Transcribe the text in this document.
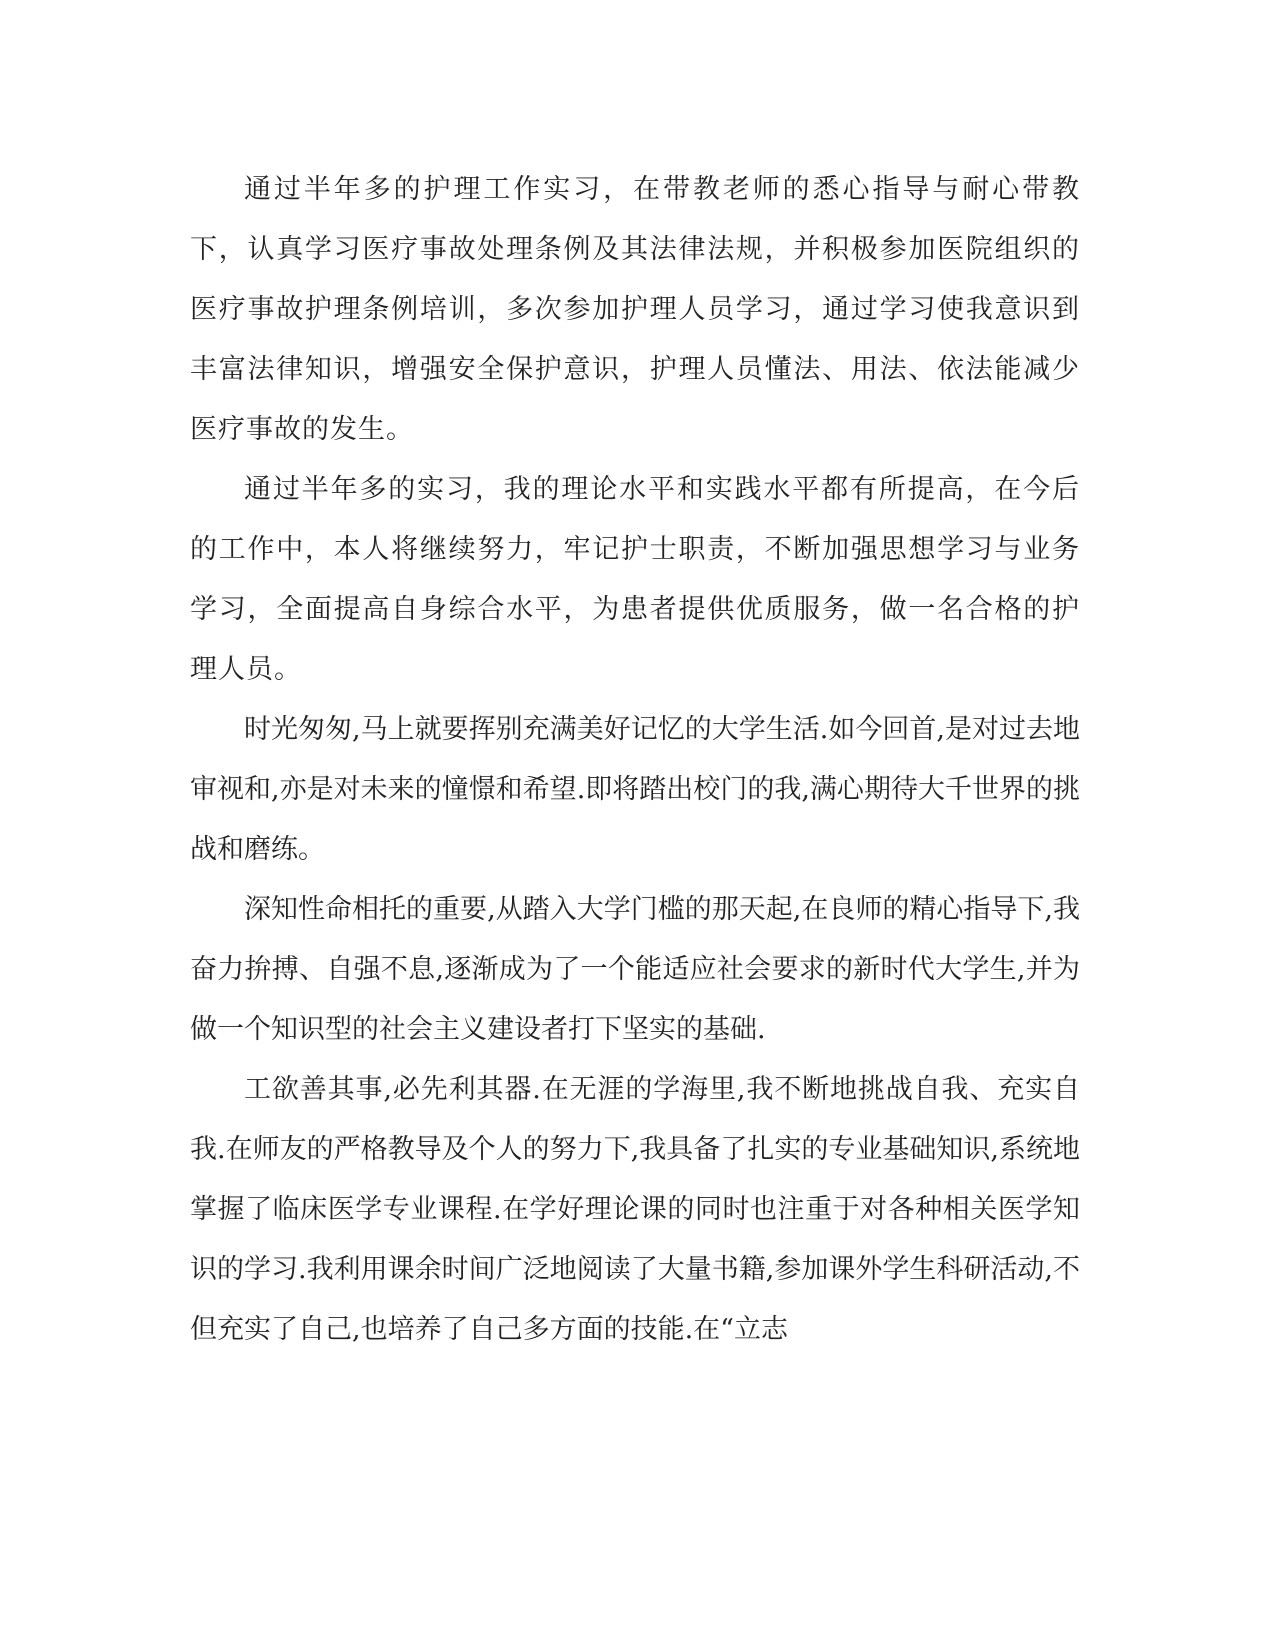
通过半年多的护理工作实习，在带教老师的悉心指导与耐心带教下，认真学习医疗事故处理条例及其法律法规，并积极参加医院组织的医疗事故护理条例培训，多次参加护理人员学习，通过学习使我意识到丰富法律知识，增强安全保护意识，护理人员懂法、用法、依法能减少医疗事故的发生。

通过半年多的实习，我的理论水平和实践水平都有所提高，在今后的工作中，本人将继续努力，牢记护士职责，不断加强思想学习与业务学习，全面提高自身综合水平，为患者提供优质服务，做一名合格的护理人员。

时光匆匆,马上就要挥别充满美好记忆的大学生活.如今回首,是对过去地审视和,亦是对未来的憧憬和希望.即将踏出校门的我,满心期待大千世界的挑战和磨练。

深知性命相托的重要,从踏入大学门槛的那天起,在良师的精心指导下,我奋力拚搏、自强不息,逐渐成为了一个能适应社会要求的新时代大学生,并为做一个知识型的社会主义建设者打下坚实的基础.

工欲善其事,必先利其器.在无涯的学海里,我不断地挑战自我、充实自我.在师友的严格教导及个人的努力下,我具备了扎实的专业基础知识,系统地掌握了临床医学专业课程.在学好理论课的同时也注重于对各种相关医学知识的学习.我利用课余时间广泛地阅读了大量书籍,参加课外学生科研活动,不但充实了自己,也培养了自己多方面的技能.在“立志
